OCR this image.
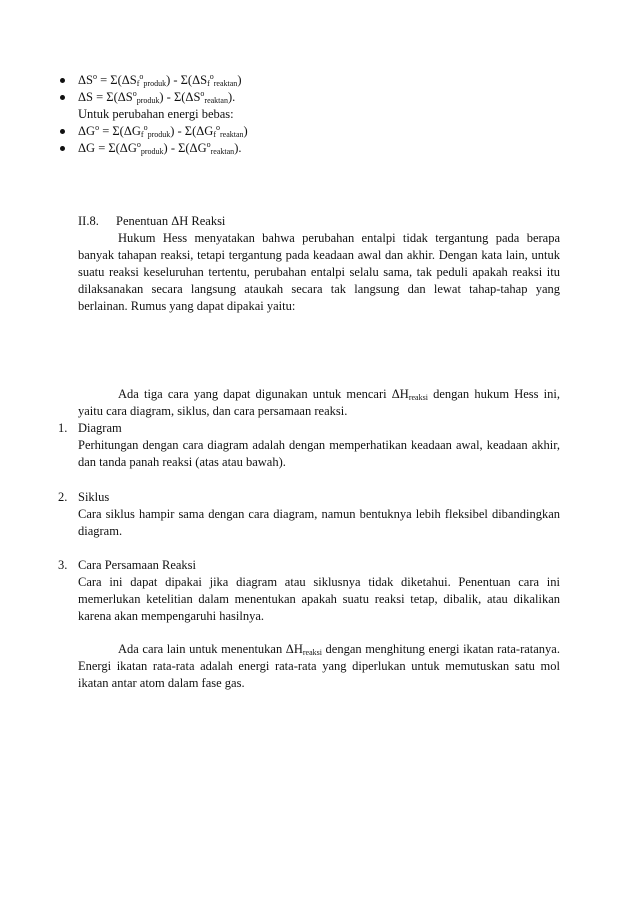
$\Delta S^o = \Sigma(\Delta S_f^o_{produk}) - \Sigma(\Delta S_f^o_{reaktan})$
$\Delta S = \Sigma(\Delta S^o_{produk}) - \Sigma(\Delta S^o_{reaktan})$.
Untuk perubahan energi bebas:
$\Delta G^o = \Sigma(\Delta G_f^o_{produk}) - \Sigma(\Delta G_f^o_{reaktan})$
$\Delta G = \Sigma(\Delta G^o_{produk}) - \Sigma(\Delta G^o_{reaktan})$.
II.8. Penentuan ΔH Reaksi
Hukum Hess menyatakan bahwa perubahan entalpi tidak tergantung pada berapa banyak tahapan reaksi, tetapi tergantung pada keadaan awal dan akhir. Dengan kata lain, untuk suatu reaksi keseluruhan tertentu, perubahan entalpi selalu sama, tak peduli apakah reaksi itu dilaksanakan secara langsung ataukah secara tak langsung dan lewat tahap-tahap yang berlainan. Rumus yang dapat dipakai yaitu:
Ada tiga cara yang dapat digunakan untuk mencari $\Delta H_{reaksi}$ dengan hukum Hess ini, yaitu cara diagram, siklus, dan cara persamaan reaksi.
1. Diagram
Perhitungan dengan cara diagram adalah dengan memperhatikan keadaan awal, keadaan akhir, dan tanda panah reaksi (atas atau bawah).
2. Siklus
Cara siklus hampir sama dengan cara diagram, namun bentuknya lebih fleksibel dibandingkan diagram.
3. Cara Persamaan Reaksi
Cara ini dapat dipakai jika diagram atau siklusnya tidak diketahui. Penentuan cara ini memerlukan ketelitian dalam menentukan apakah suatu reaksi tetap, dibalik, atau dikalikan karena akan mempengaruhi hasilnya.
Ada cara lain untuk menentukan $\Delta H_{reaksi}$ dengan menghitung energi ikatan rata-ratanya. Energi ikatan rata-rata adalah energi rata-rata yang diperlukan untuk memutuskan satu mol ikatan antar atom dalam fase gas.
